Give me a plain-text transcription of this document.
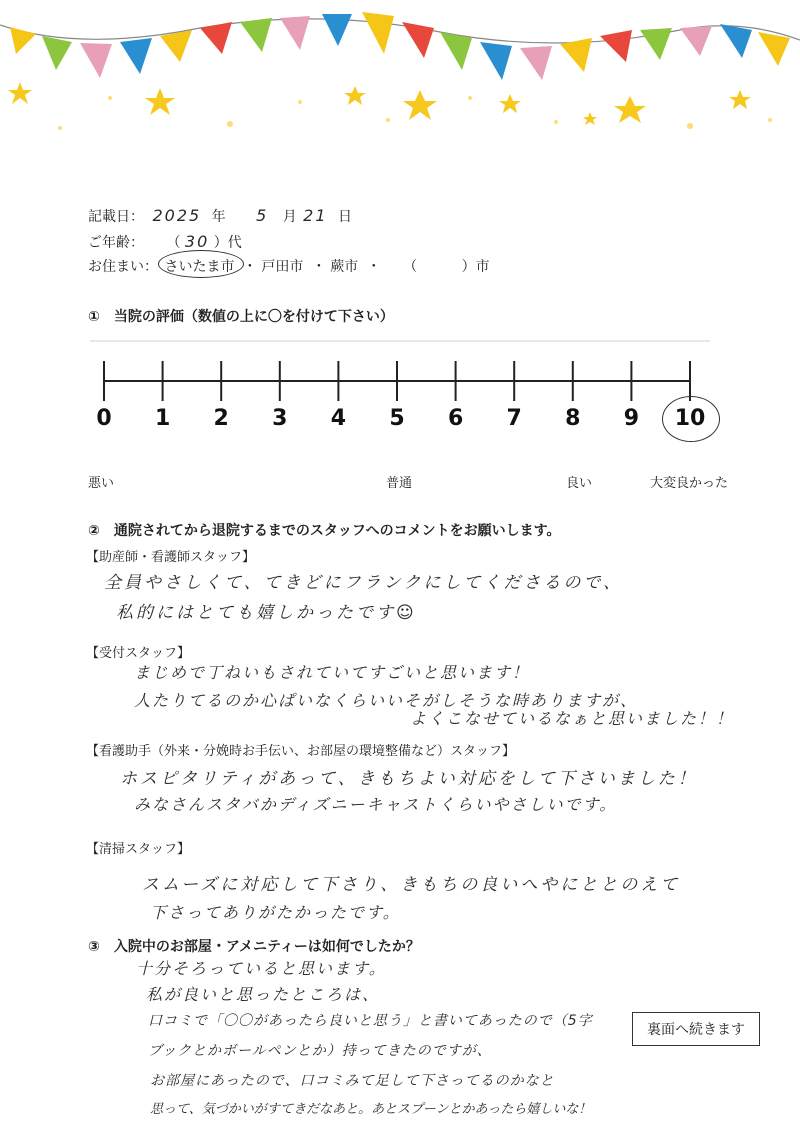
記載日： 2025 年 5 月 21 日
ご年齢： （ 30 ）代
お住まい： さいたま市 ・ 戸田市 ・ 蕨市 ・ （	）市
①　当院の評価（数値の上に〇を付けて下さい）
0 1 2 3 4 5 6 7 8 9 10
悪い	普通	良い	大変良かった
②　通院されてから退院するまでのスタッフへのコメントをお願いします。
【助産師・看護師スタッフ】
全員やさしくて、てきどにフランクにしてくださるので、
私的にはとても嬉しかったです☺
【受付スタッフ】
まじめで丁ねいもされていてすごいと思います！
人たりてるのか心ぱいなくらいいそがしそうな時ありますが、
よくこなせているなぁと思いました！！
【看護助手（外来・分娩時お手伝い、お部屋の環境整備など）スタッフ】
ホスピタリティがあって、きもちよい対応をして下さいました！
みなさんスタバかディズニーキャストくらいやさしいです。
【清掃スタッフ】
スムーズに対応して下さり、きもちの良いへやにととのえて
下さってありがたかったです。
③　入院中のお部屋・アメニティーは如何でしたか？
十分そろっていると思います。
私が良いと思ったところは、
口コミで「〇〇があったら良いと思う」と書いてあったので（5字
ブックとかボールペンとか）持ってきたのですが、
お部屋にあったので、口コミみて足して下さってるのかなと
思って、気づかいがすてきだなあと。あとスプーンとかあったら嬉しいな！
裏面へ続きます
